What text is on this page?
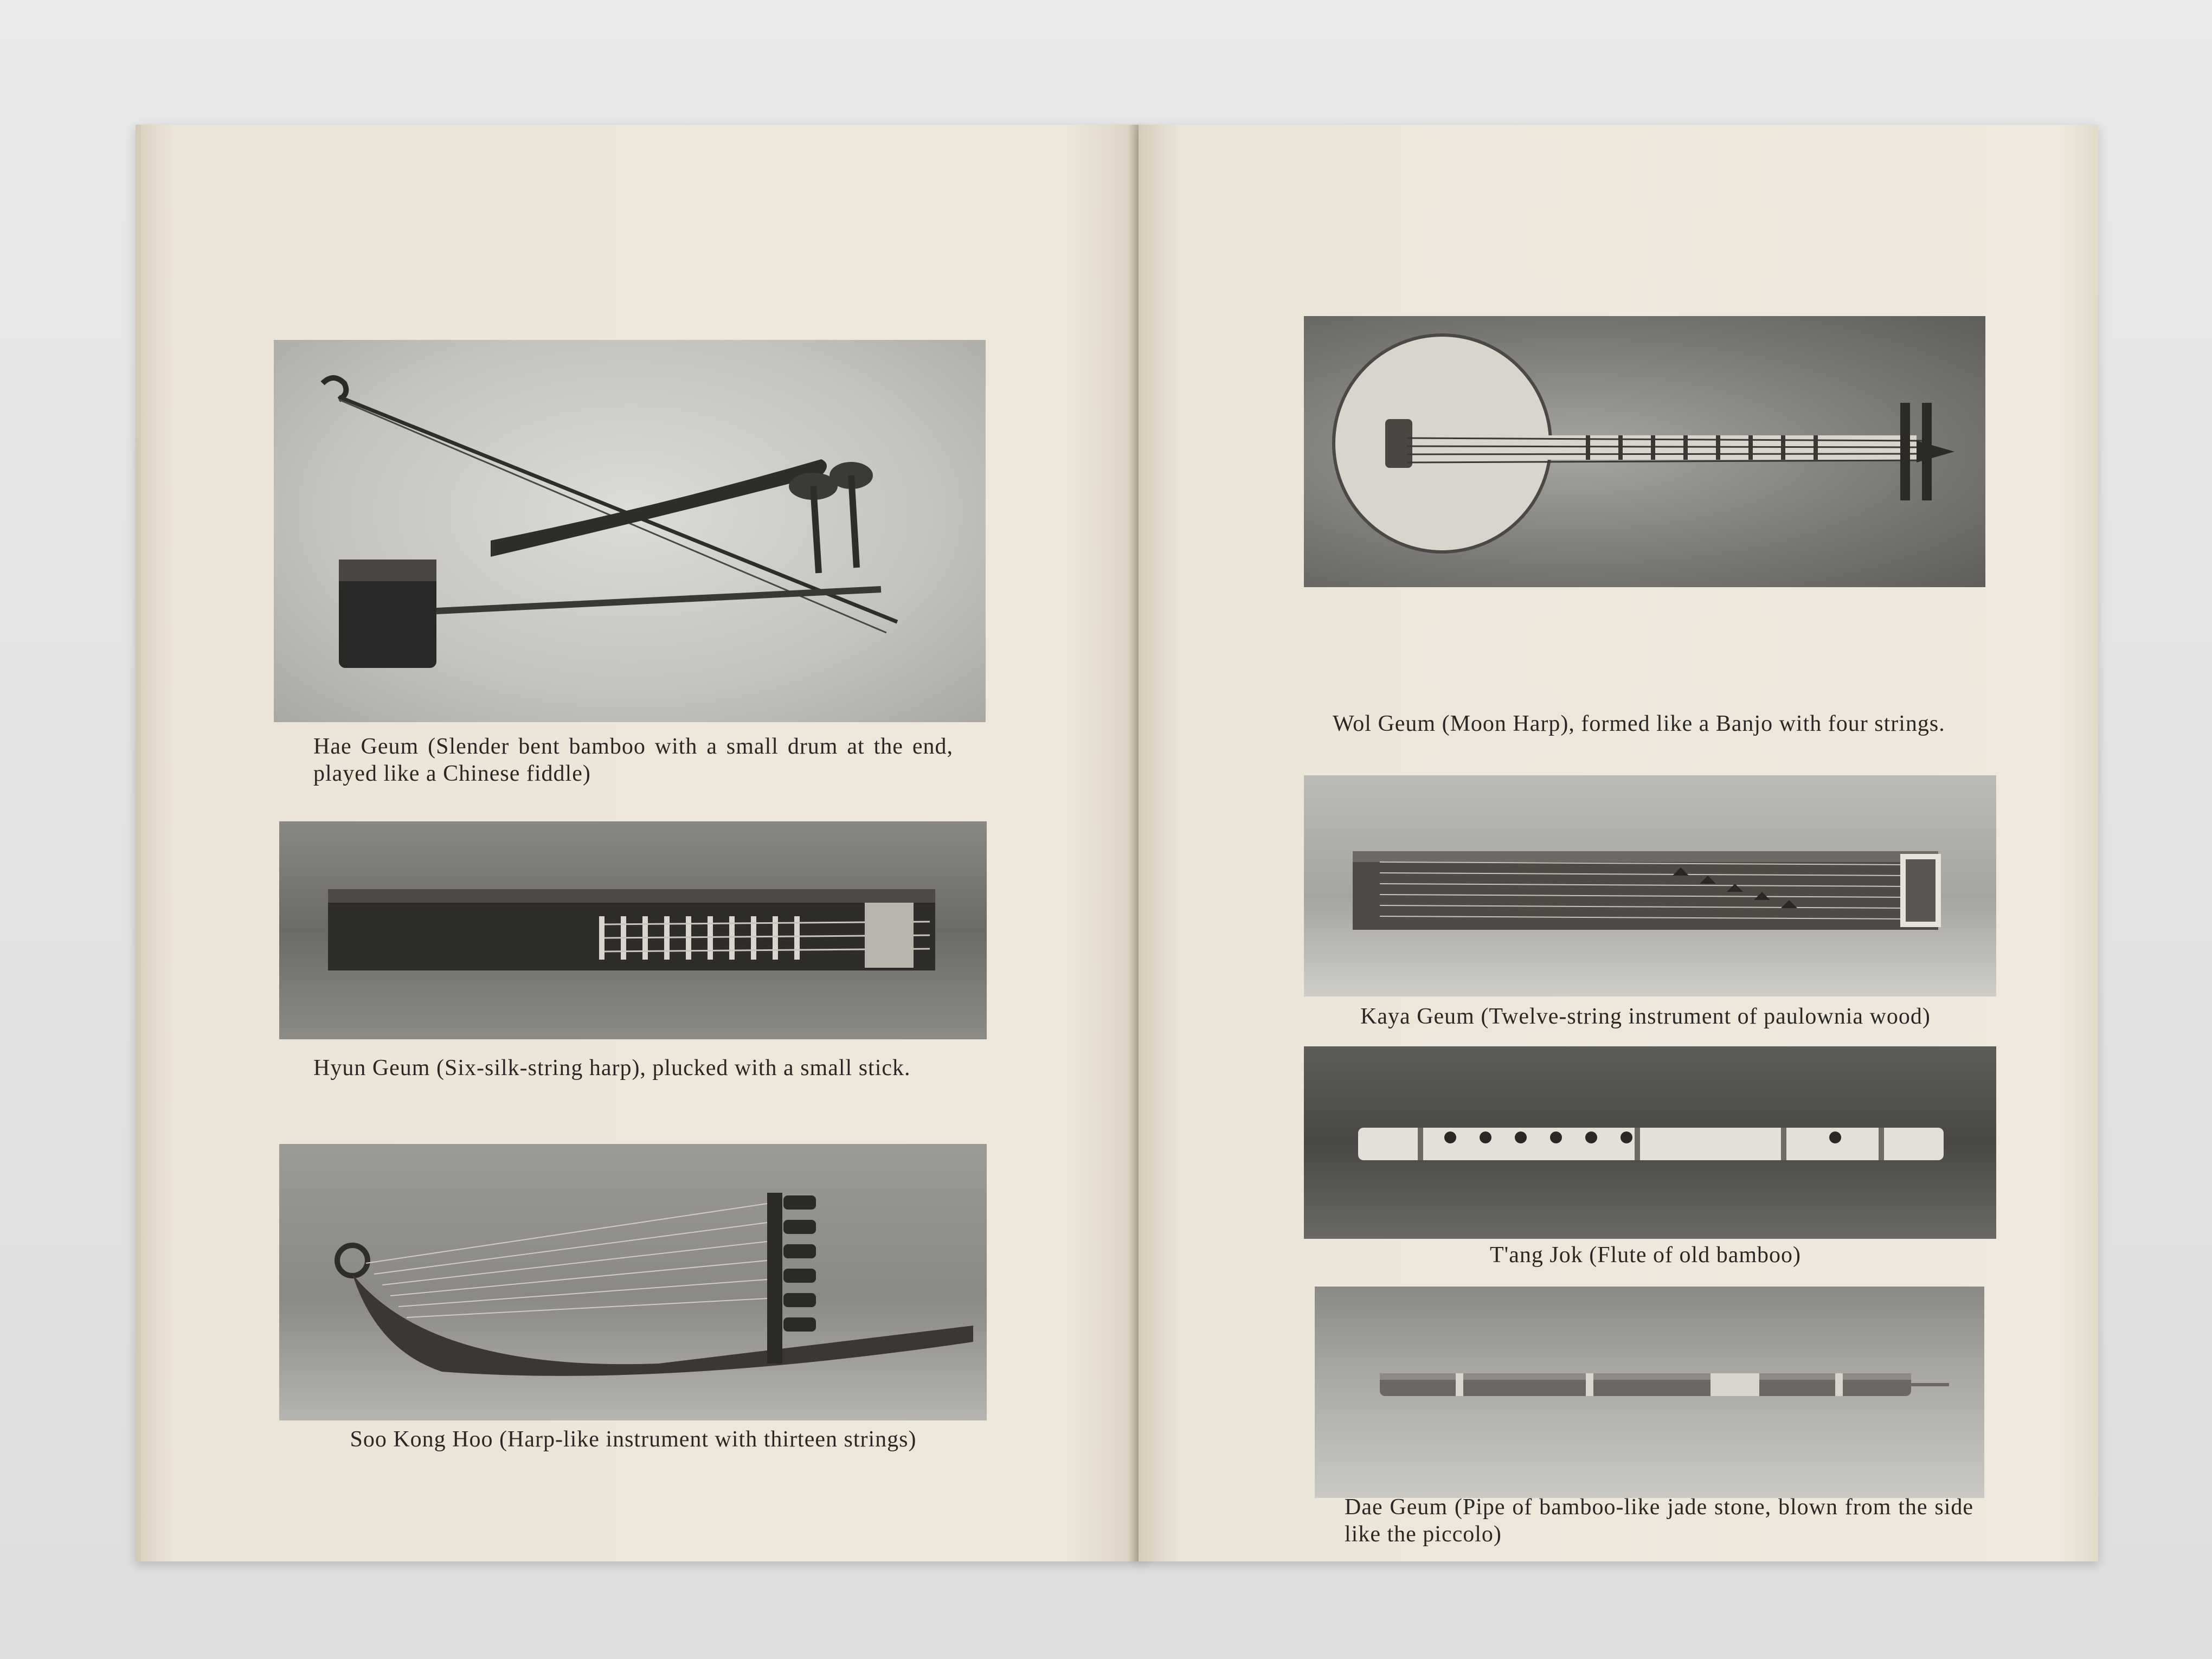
Hae Geum (Slender bent bamboo with a small drum at the end, played like a Chinese fiddle)
Hyun Geum (Six-silk-string harp), plucked with a small stick.
Soo Kong Hoo (Harp-like instrument with thirteen strings)
Wol Geum (Moon Harp), formed like a Banjo with four strings.
Kaya Geum (Twelve-string instrument of paulownia wood)
T'ang Jok (Flute of old bamboo)
Dae Geum (Pipe of bamboo-like jade stone, blown from the side like the piccolo)
